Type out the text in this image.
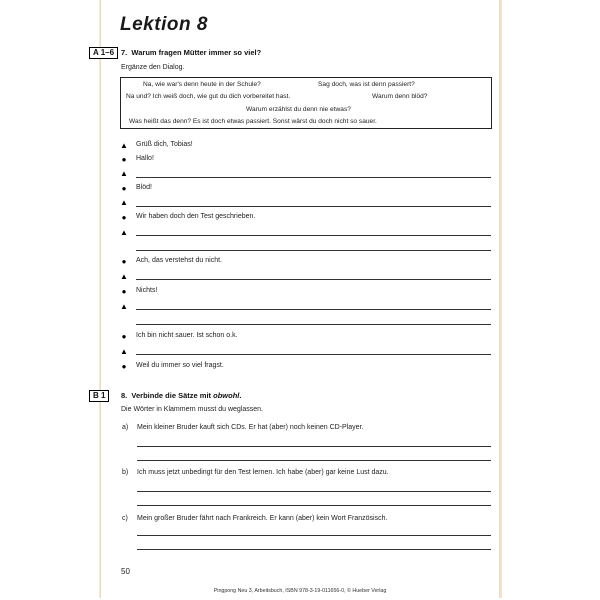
Lektion 8
A 1–6 7.  Warum fragen Mütter immer so viel?
Ergänze den Dialog.
Na, wie war's denn heute in der Schule?	Sag doch, was ist denn passiert?
Na und? Ich weiß doch, wie gut du dich vorbereitet hast.	Warum denn blöd?
Warum erzählst du denn nie etwas?
Was heißt das denn? Es ist doch etwas passiert. Sonst wärst du doch nicht so sauer.
▲ Grüß dich, Tobias!
● Hallo!
▲
● Blöd!
▲
● Wir haben doch den Test geschrieben.
▲
● Ach, das verstehst du nicht.
▲
● Nichts!
▲
● Ich bin nicht sauer. Ist schon o.k.
▲
● Weil du immer so viel fragst.
B 1	8.  Verbinde die Sätze mit obwohl.
Die Wörter in Klammern musst du weglassen.
a) Mein kleiner Bruder kauft sich CDs. Er hat (aber) noch keinen CD-Player.
b) Ich muss jetzt unbedingt für den Test lernen. Ich habe (aber) gar keine Lust dazu.
c) Mein großer Bruder fährt nach Frankreich. Er kann (aber) kein Wort Französisch.
50
Pingpong Neu 3, Arbeitsbuch, ISBN 978-3-19-011656-0, © Hueber Verlag
